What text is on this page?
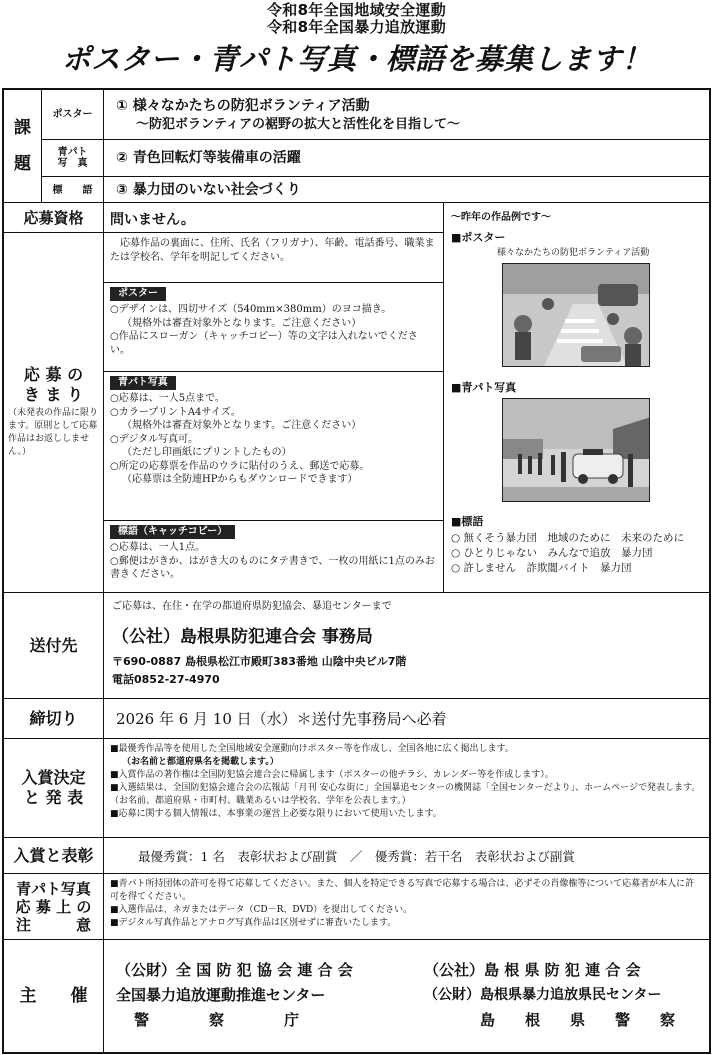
令和8年全国地域安全運動
令和8年全国暴力追放運動
ポスター・青パト写真・標語を募集します！
課
題
ポスター
① 様々なかたちの防犯ボランティア活動
〜防犯ボランティアの裾野の拡大と活性化を目指して〜
青パト
写　真 ② 青色回転灯等装備車の活躍
標　　語 ③ 暴力団のいない社会づくり
応募資格
応 募 の
き ま り
（未発表の作品に限ります。原則として応募作品はお返ししません。）
問いません。
応募作品の裏面に、住所、氏名（フリガナ）、年齢、電話番号、職業または学校名、学年を明記してください。
ポスター
○デザインは、四切サイズ（540mm×380mm）のヨコ描き。
（規格外は審査対象外となります。ご注意ください）
○作品にスローガン（キャッチコピー）等の文字は入れないでください。
青パト写真
○応募は、一人5点まで。
○カラープリントA4サイズ。
（規格外は審査対象外となります。ご注意ください）
○デジタル写真可。
（ただし印画紙にプリントしたもの）
○所定の応募票を作品のウラに貼付のうえ、郵送で応募。
（応募票は全防連HPからもダウンロードできます）
標語（キャッチコピー）
○応募は、一人1点。
○郵便はがきか、はがき大のものにタテ書きで、一枚の用紙に1点のみお書きください。
〜昨年の作品例です〜
■ポスター
様々なかたちの防犯ボランティア活動
■青パト写真
■標語
○ 無くそう暴力団　地域のために　未来のために
○ ひとりじゃない　みんなで追放　暴力団
○ 許しません　詐欺闇バイト　暴力団
送付先
ご応募は、在住・在学の都道府県防犯協会、暴追センターまで
（公社）島根県防犯連合会 事務局
〒690-0887 島根県松江市殿町383番地 山陰中央ビル7階
電話0852-27-4970
締切り	2026 年 6 月 10 日（水）＊送付先事務局へ必着
入賞決定
と 発 表
■最優秀作品等を使用した全国地域安全運動向けポスター等を作成し、全国各地に広く掲出します。
（お名前と都道府県名を掲載します。）
■入賞作品の著作権は全国防犯協会連合会に帰属します（ポスターの他チラシ、カレンダー等を作成します）。
■入選結果は、全国防犯協会連合会の広報誌「月刊 安心な街に」全国暴追センターの機関誌「全国センターだより」、ホームページで発表します。（お名前、都道府県・市町村、職業あるいは学校名、学年を公表します。）
■応募に関する個人情報は、本事業の運営上必要な限りにおいて使用いたします。
入賞と表彰	最優秀賞：1 名　表彰状および副賞　／　優秀賞：若干名　表彰状および副賞
青パト写真
応 募 上 の
注　　　意
■青パト所持団体の許可を得て応募してください。また、個人を特定できる写真で応募する場合は、必ずその肖像権等について応募者が本人に許可を得てください。
■入選作品は、ネガまたはデータ（CD－R、DVD）を提出してください。
■デジタル写真作品とアナログ写真作品は区別せずに審査いたします。
主　　催
（公財）全 国 防 犯 協 会 連 合 会
全国暴力追放運動推進センター
警　　　　察　　　　庁
（公社）島 根 県 防 犯 連 合 会
（公財）島根県暴力追放県民センター
島　　根　　県　　警　　察
